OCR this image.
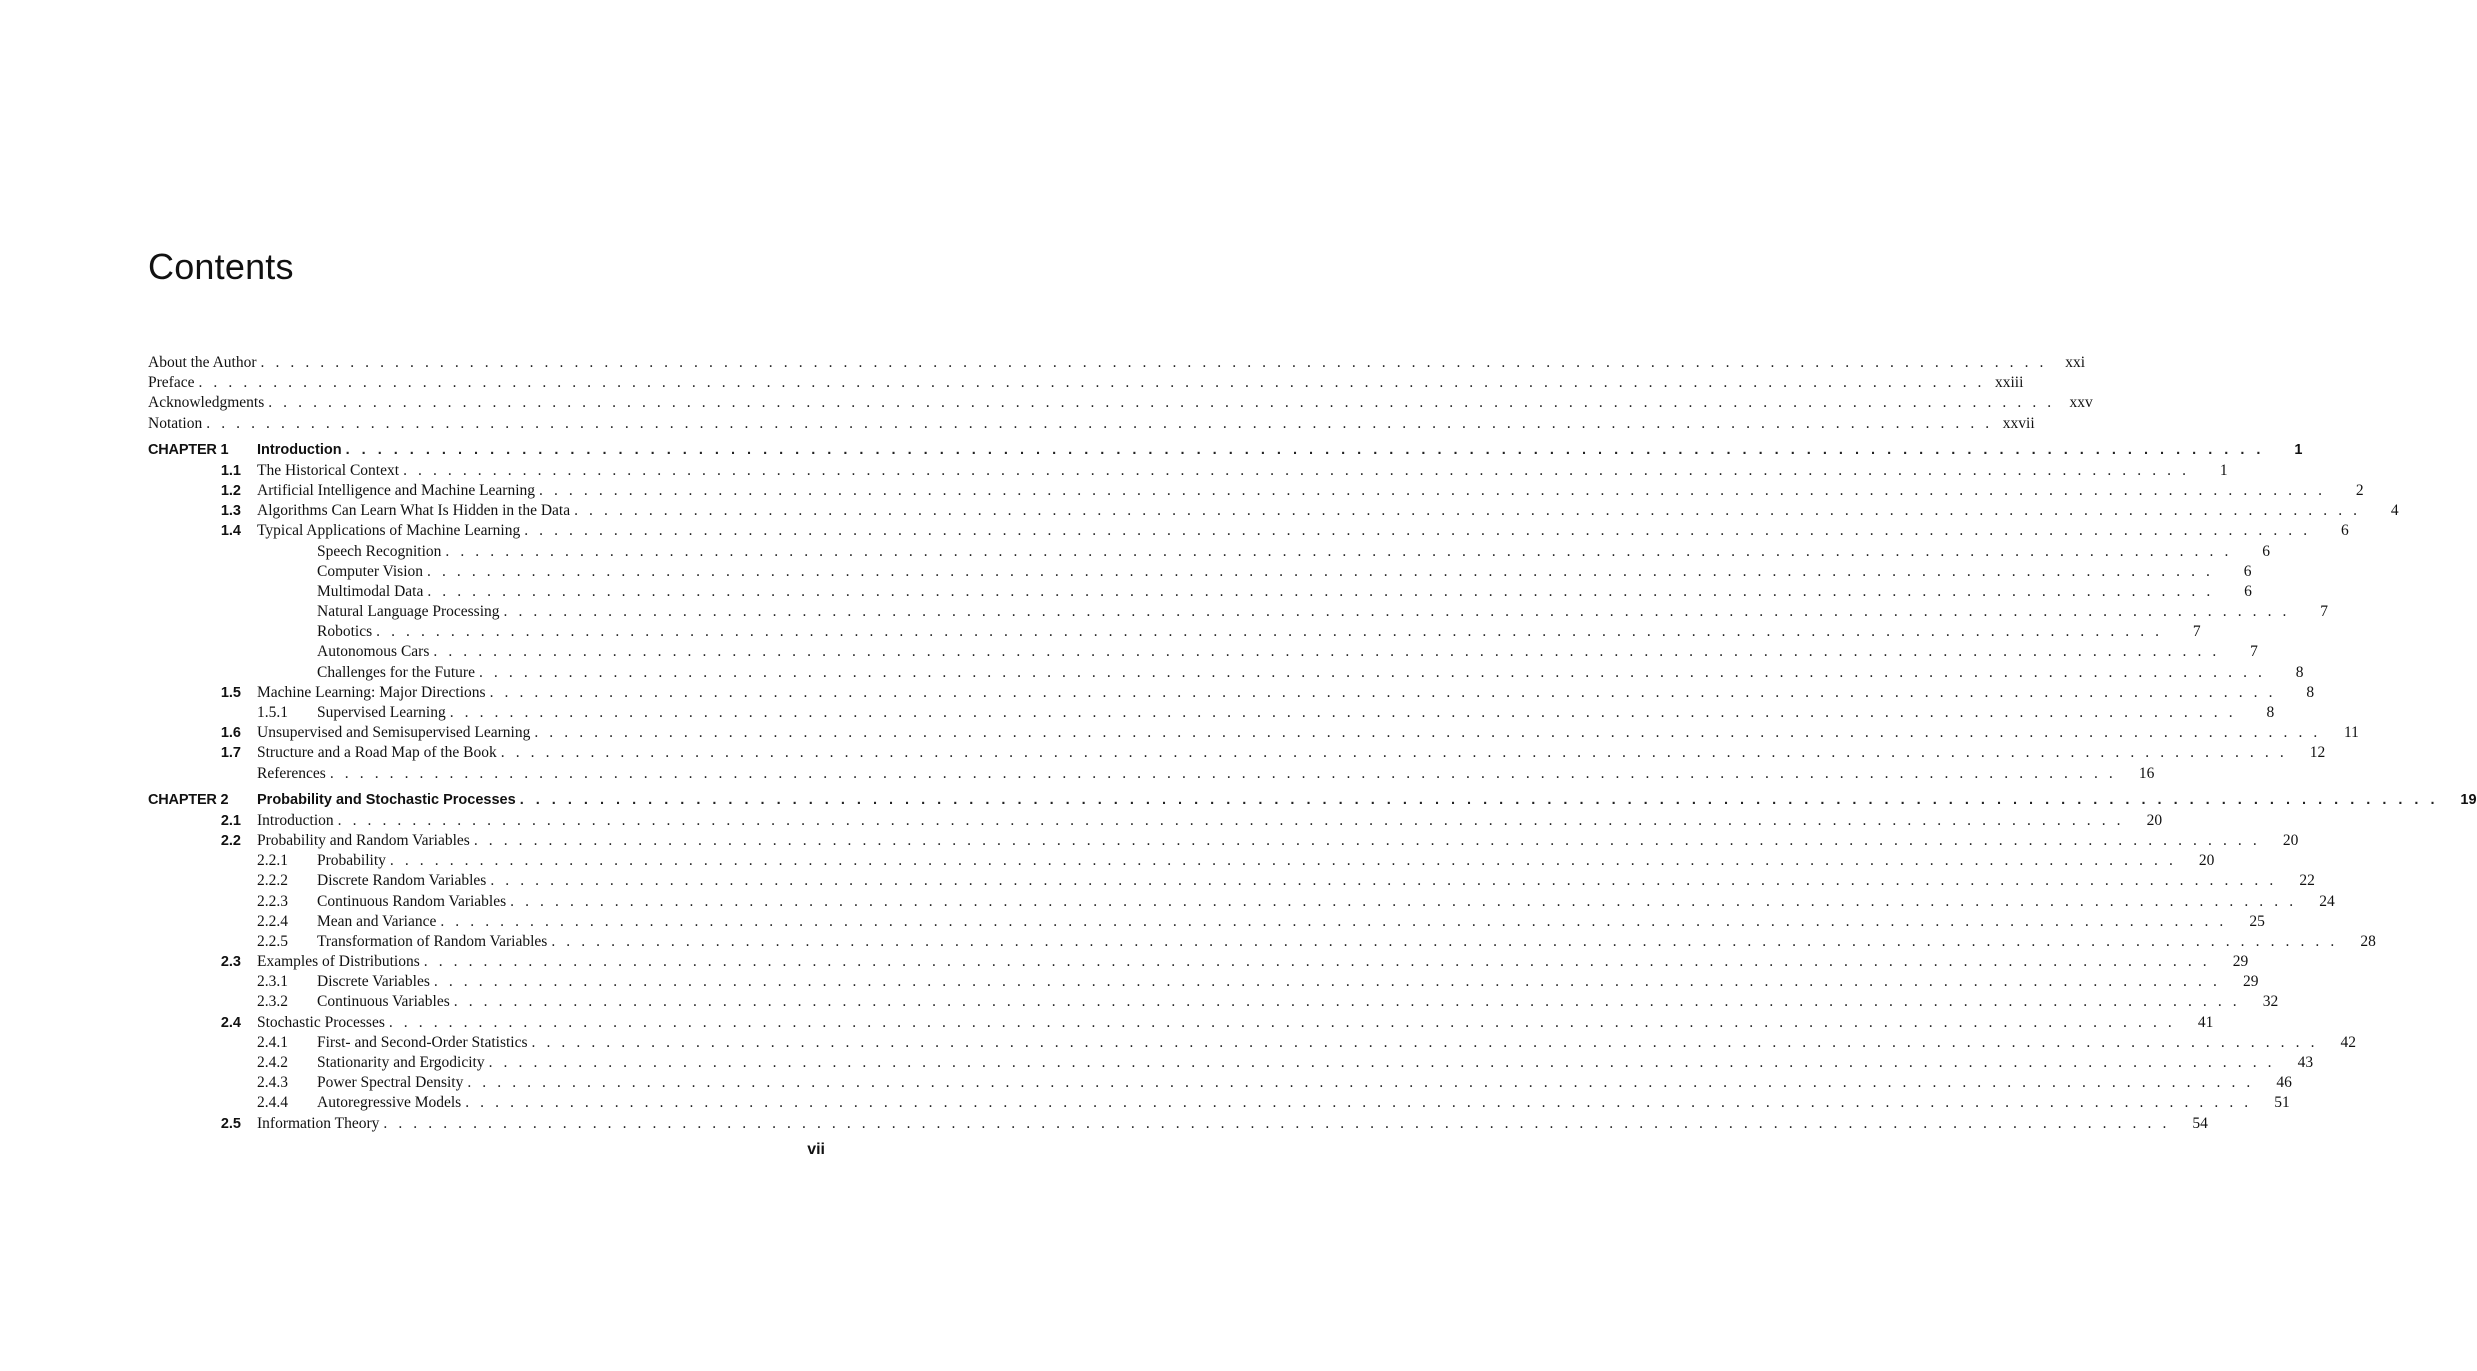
Contents
About the Author . . . . . . . . . . . . . . . . . . . . . . . . . . . . . . . . . . . . . . . . . . . . . . . . . . . . . . . . . . . . . . . . . . . . . . . . . . . . . . . . . . . . . . . . . . . . . . . . . . . . . . . . . . . . . . . . . . . . . . . .	xxi
Preface . . . . . . . . . . . . . . . . . . . . . . . . . . . . . . . . . . . . . . . . . . . . . . . . . . . . . . . . . . . . . . . . . . . . . . . . . . . . . . . . . . . . . . . . . . . . . . . . . . . . . . . . . . . . . . . . . . . . . . . . xxiii
Acknowledgments . . . . . . . . . . . . . . . . . . . . . . . . . . . . . . . . . . . . . . . . . . . . . . . . . . . . . . . . . . . . . . . . . . . . . . . . . . . . . . . . . . . . . . . . . . . . . . . . . . . . . . . . . . . . . . . . . . . . . . . . xxv
Notation . . . . . . . . . . . . . . . . . . . . . . . . . . . . . . . . . . . . . . . . . . . . . . . . . . . . . . . . . . . . . . . . . . . . . . . . . . . . . . . . . . . . . . . . . . . . . . . . . . . . . . . . . . . . . . . . . . . . . . . . xxvii
CHAPTER 1	Introduction . . . . . . . . . . . . . . . . . . . . . . . . . . . . . . . . . . . . . . . . . . . . . . . . . . . . . . . . . . . . . . . . . . . . . . . . . . . . . . . . . . . . . . . . . . . . . . . . . . . . . . . . . . . . . . . . . . . . . . . .	1
1.1	The Historical Context . . . . . . . . . . . . . . . . . . . . . . . . . . . . . . . . . . . . . . . . . . . . . . . . . . . . . . . . . . . . . . . . . . . . . . . . . . . . . . . . . . . . . . . . . . . . . . . . . . . . . . . . . . . . . . . . . . . . . . . .	1
1.2	Artificial Intelligence and Machine Learning . . . . . . . . . . . . . . . . . . . . . . . . . . . . . . . . . . . . . . . . . . . . . . . . . . . . . . . . . . . . . . . . . . . . . . . . . . . . . . . . . . . . . . . . . . . . . . . . . . . . . . . . . . . . . . . . . . . . . . . .	2
1.3	Algorithms Can Learn What Is Hidden in the Data . . . . . . . . . . . . . . . . . . . . . . . . . . . . . . . . . . . . . . . . . . . . . . . . . . . . . . . . . . . . . . . . . . . . . . . . . . . . . . . . . . . . . . . . . . . . . . . . . . . . . . . . . . . . . . . . . . . . . . . .	4
1.4	Typical Applications of Machine Learning . . . . . . . . . . . . . . . . . . . . . . . . . . . . . . . . . . . . . . . . . . . . . . . . . . . . . . . . . . . . . . . . . . . . . . . . . . . . . . . . . . . . . . . . . . . . . . . . . . . . . . . . . . . . . . . . . . . . . . . .	6
Speech Recognition . . . . . . . . . . . . . . . . . . . . . . . . . . . . . . . . . . . . . . . . . . . . . . . . . . . . . . . . . . . . . . . . . . . . . . . . . . . . . . . . . . . . . . . . . . . . . . . . . . . . . . . . . . . . . . . . . . . . . . . .	6
Computer Vision . . . . . . . . . . . . . . . . . . . . . . . . . . . . . . . . . . . . . . . . . . . . . . . . . . . . . . . . . . . . . . . . . . . . . . . . . . . . . . . . . . . . . . . . . . . . . . . . . . . . . . . . . . . . . . . . . . . . . . . .	6
Multimodal Data . . . . . . . . . . . . . . . . . . . . . . . . . . . . . . . . . . . . . . . . . . . . . . . . . . . . . . . . . . . . . . . . . . . . . . . . . . . . . . . . . . . . . . . . . . . . . . . . . . . . . . . . . . . . . . . . . . . . . . . .	6
Natural Language Processing . . . . . . . . . . . . . . . . . . . . . . . . . . . . . . . . . . . . . . . . . . . . . . . . . . . . . . . . . . . . . . . . . . . . . . . . . . . . . . . . . . . . . . . . . . . . . . . . . . . . . . . . . . . . . . . . . . . . . . . .	7
Robotics . . . . . . . . . . . . . . . . . . . . . . . . . . . . . . . . . . . . . . . . . . . . . . . . . . . . . . . . . . . . . . . . . . . . . . . . . . . . . . . . . . . . . . . . . . . . . . . . . . . . . . . . . . . . . . . . . . . . . . . .	7
Autonomous Cars . . . . . . . . . . . . . . . . . . . . . . . . . . . . . . . . . . . . . . . . . . . . . . . . . . . . . . . . . . . . . . . . . . . . . . . . . . . . . . . . . . . . . . . . . . . . . . . . . . . . . . . . . . . . . . . . . . . . . . . .	7
Challenges for the Future . . . . . . . . . . . . . . . . . . . . . . . . . . . . . . . . . . . . . . . . . . . . . . . . . . . . . . . . . . . . . . . . . . . . . . . . . . . . . . . . . . . . . . . . . . . . . . . . . . . . . . . . . . . . . . . . . . . . . . . .	8
1.5	Machine Learning: Major Directions . . . . . . . . . . . . . . . . . . . . . . . . . . . . . . . . . . . . . . . . . . . . . . . . . . . . . . . . . . . . . . . . . . . . . . . . . . . . . . . . . . . . . . . . . . . . . . . . . . . . . . . . . . . . . . . . . . . . . . . .	8
1.5.1	Supervised Learning . . . . . . . . . . . . . . . . . . . . . . . . . . . . . . . . . . . . . . . . . . . . . . . . . . . . . . . . . . . . . . . . . . . . . . . . . . . . . . . . . . . . . . . . . . . . . . . . . . . . . . . . . . . . . . . . . . . . . . . .	8
1.6	Unsupervised and Semisupervised Learning . . . . . . . . . . . . . . . . . . . . . . . . . . . . . . . . . . . . . . . . . . . . . . . . . . . . . . . . . . . . . . . . . . . . . . . . . . . . . . . . . . . . . . . . . . . . . . . . . . . . . . . . . . . . . . . . . . . . . . . .	11
1.7	Structure and a Road Map of the Book . . . . . . . . . . . . . . . . . . . . . . . . . . . . . . . . . . . . . . . . . . . . . . . . . . . . . . . . . . . . . . . . . . . . . . . . . . . . . . . . . . . . . . . . . . . . . . . . . . . . . . . . . . . . . . . . . . . . . . . .	12
References . . . . . . . . . . . . . . . . . . . . . . . . . . . . . . . . . . . . . . . . . . . . . . . . . . . . . . . . . . . . . . . . . . . . . . . . . . . . . . . . . . . . . . . . . . . . . . . . . . . . . . . . . . . . . . . . . . . . . . . .	16
CHAPTER 2	Probability and Stochastic Processes . . . . . . . . . . . . . . . . . . . . . . . . . . . . . . . . . . . . . . . . . . . . . . . . . . . . . . . . . . . . . . . . . . . . . . . . . . . . . . . . . . . . . . . . . . . . . . . . . . . . . . . . . . . . . . . . . . . . . . . .	19
2.1	Introduction . . . . . . . . . . . . . . . . . . . . . . . . . . . . . . . . . . . . . . . . . . . . . . . . . . . . . . . . . . . . . . . . . . . . . . . . . . . . . . . . . . . . . . . . . . . . . . . . . . . . . . . . . . . . . . . . . . . . . . . .	20
2.2	Probability and Random Variables . . . . . . . . . . . . . . . . . . . . . . . . . . . . . . . . . . . . . . . . . . . . . . . . . . . . . . . . . . . . . . . . . . . . . . . . . . . . . . . . . . . . . . . . . . . . . . . . . . . . . . . . . . . . . . . . . . . . . . . .	20
2.2.1	Probability . . . . . . . . . . . . . . . . . . . . . . . . . . . . . . . . . . . . . . . . . . . . . . . . . . . . . . . . . . . . . . . . . . . . . . . . . . . . . . . . . . . . . . . . . . . . . . . . . . . . . . . . . . . . . . . . . . . . . . . .	20
2.2.2	Discrete Random Variables . . . . . . . . . . . . . . . . . . . . . . . . . . . . . . . . . . . . . . . . . . . . . . . . . . . . . . . . . . . . . . . . . . . . . . . . . . . . . . . . . . . . . . . . . . . . . . . . . . . . . . . . . . . . . . . . . . . . . . . .	22
2.2.3	Continuous Random Variables . . . . . . . . . . . . . . . . . . . . . . . . . . . . . . . . . . . . . . . . . . . . . . . . . . . . . . . . . . . . . . . . . . . . . . . . . . . . . . . . . . . . . . . . . . . . . . . . . . . . . . . . . . . . . . . . . . . . . . . .	24
2.2.4	Mean and Variance . . . . . . . . . . . . . . . . . . . . . . . . . . . . . . . . . . . . . . . . . . . . . . . . . . . . . . . . . . . . . . . . . . . . . . . . . . . . . . . . . . . . . . . . . . . . . . . . . . . . . . . . . . . . . . . . . . . . . . . .	25
2.2.5	Transformation of Random Variables . . . . . . . . . . . . . . . . . . . . . . . . . . . . . . . . . . . . . . . . . . . . . . . . . . . . . . . . . . . . . . . . . . . . . . . . . . . . . . . . . . . . . . . . . . . . . . . . . . . . . . . . . . . . . . . . . . . . . . . .	28
2.3	Examples of Distributions . . . . . . . . . . . . . . . . . . . . . . . . . . . . . . . . . . . . . . . . . . . . . . . . . . . . . . . . . . . . . . . . . . . . . . . . . . . . . . . . . . . . . . . . . . . . . . . . . . . . . . . . . . . . . . . . . . . . . . . .	29
2.3.1	Discrete Variables . . . . . . . . . . . . . . . . . . . . . . . . . . . . . . . . . . . . . . . . . . . . . . . . . . . . . . . . . . . . . . . . . . . . . . . . . . . . . . . . . . . . . . . . . . . . . . . . . . . . . . . . . . . . . . . . . . . . . . . .	29
2.3.2	Continuous Variables . . . . . . . . . . . . . . . . . . . . . . . . . . . . . . . . . . . . . . . . . . . . . . . . . . . . . . . . . . . . . . . . . . . . . . . . . . . . . . . . . . . . . . . . . . . . . . . . . . . . . . . . . . . . . . . . . . . . . . . .	32
2.4	Stochastic Processes . . . . . . . . . . . . . . . . . . . . . . . . . . . . . . . . . . . . . . . . . . . . . . . . . . . . . . . . . . . . . . . . . . . . . . . . . . . . . . . . . . . . . . . . . . . . . . . . . . . . . . . . . . . . . . . . . . . . . . . .	41
2.4.1	First- and Second-Order Statistics . . . . . . . . . . . . . . . . . . . . . . . . . . . . . . . . . . . . . . . . . . . . . . . . . . . . . . . . . . . . . . . . . . . . . . . . . . . . . . . . . . . . . . . . . . . . . . . . . . . . . . . . . . . . . . . . . . . . . . . .	42
2.4.2	Stationarity and Ergodicity . . . . . . . . . . . . . . . . . . . . . . . . . . . . . . . . . . . . . . . . . . . . . . . . . . . . . . . . . . . . . . . . . . . . . . . . . . . . . . . . . . . . . . . . . . . . . . . . . . . . . . . . . . . . . . . . . . . . . . . .	43
2.4.3	Power Spectral Density . . . . . . . . . . . . . . . . . . . . . . . . . . . . . . . . . . . . . . . . . . . . . . . . . . . . . . . . . . . . . . . . . . . . . . . . . . . . . . . . . . . . . . . . . . . . . . . . . . . . . . . . . . . . . . . . . . . . . . . .	46
2.4.4	Autoregressive Models . . . . . . . . . . . . . . . . . . . . . . . . . . . . . . . . . . . . . . . . . . . . . . . . . . . . . . . . . . . . . . . . . . . . . . . . . . . . . . . . . . . . . . . . . . . . . . . . . . . . . . . . . . . . . . . . . . . . . . . .	51
2.5	Information Theory . . . . . . . . . . . . . . . . . . . . . . . . . . . . . . . . . . . . . . . . . . . . . . . . . . . . . . . . . . . . . . . . . . . . . . . . . . . . . . . . . . . . . . . . . . . . . . . . . . . . . . . . . . . . . . . . . . . . . . . .	54
vii
